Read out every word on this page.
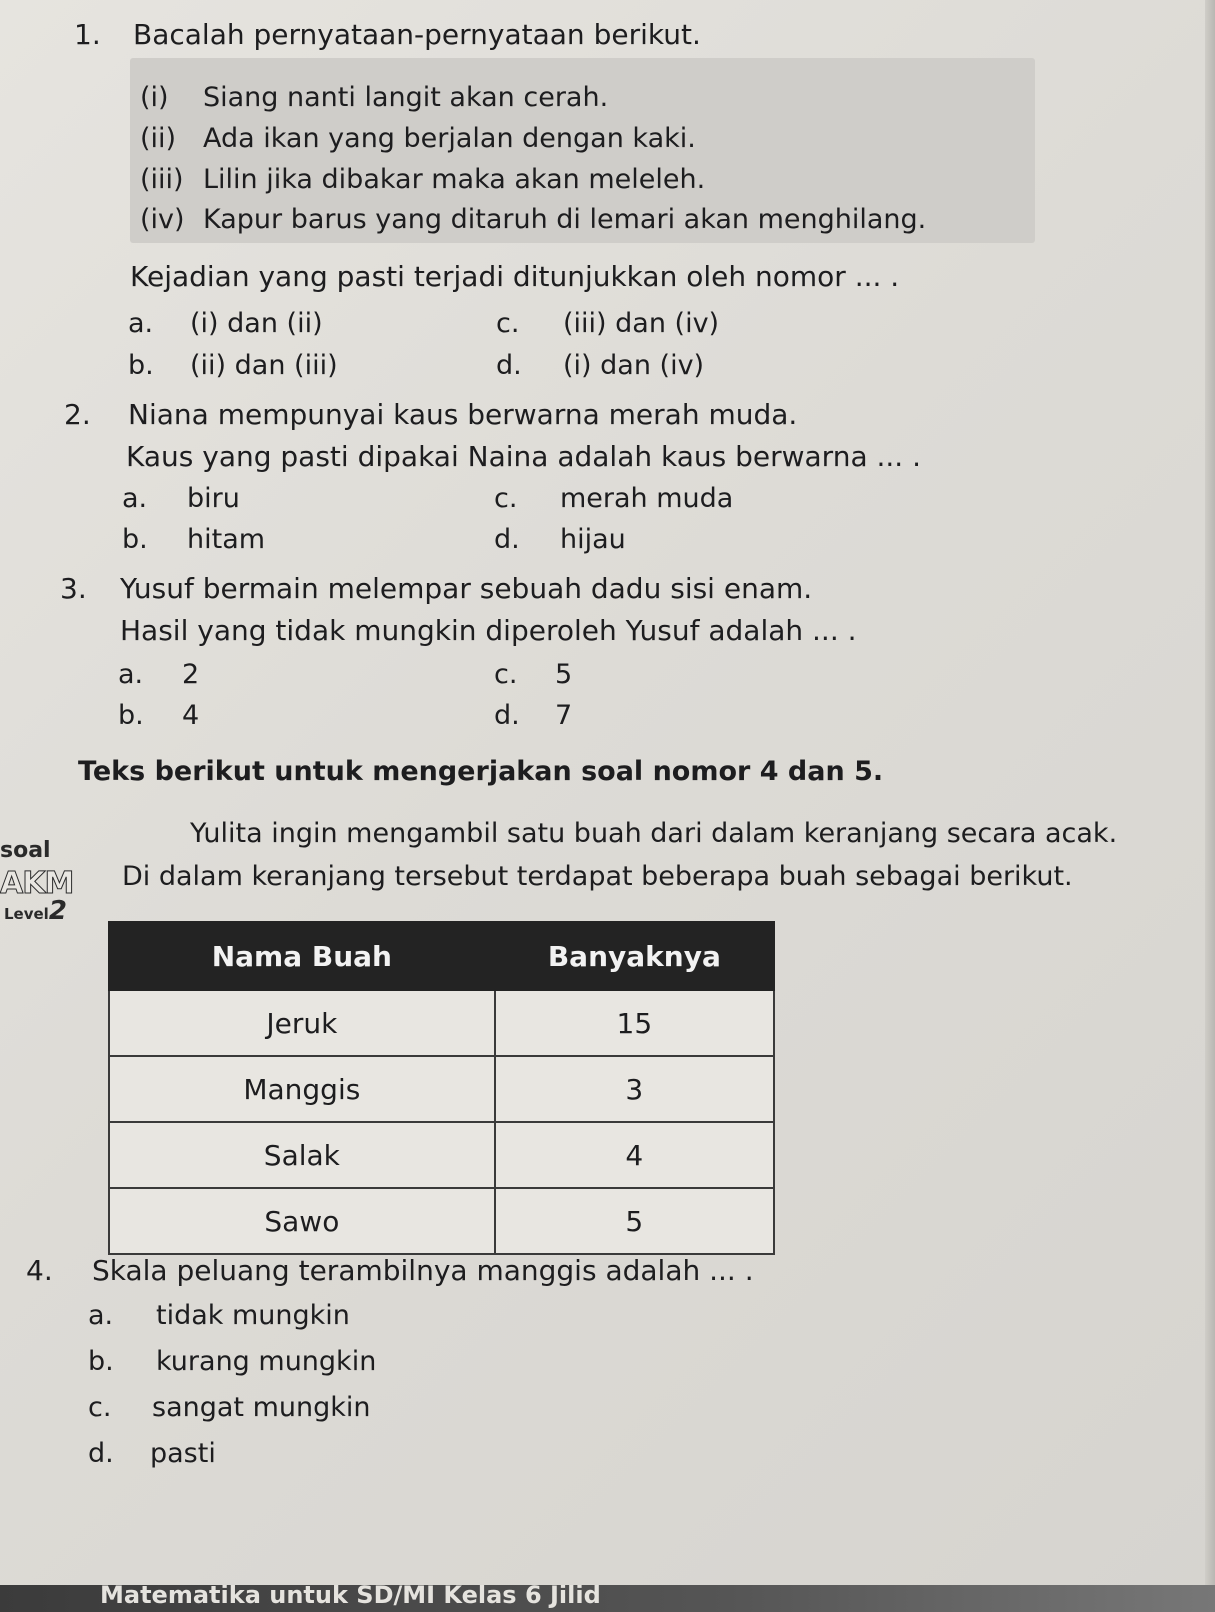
1. Bacalah pernyataan-pernyataan berikut.
(i) Siang nanti langit akan cerah.
(ii) Ada ikan yang berjalan dengan kaki.
(iii) Lilin jika dibakar maka akan meleleh.
(iv) Kapur barus yang ditaruh di lemari akan menghilang.
Kejadian yang pasti terjadi ditunjukkan oleh nomor ... .
a. (i) dan (ii)
b. (ii) dan (iii)
c. (iii) dan (iv)
d. (i) dan (iv)
2. Niana mempunyai kaus berwarna merah muda.
Kaus yang pasti dipakai Naina adalah kaus berwarna ... .
a. biru
b. hitam
c. merah muda
d. hijau
3. Yusuf bermain melempar sebuah dadu sisi enam.
Hasil yang tidak mungkin diperoleh Yusuf adalah ... .
a. 2
b. 4
c. 5
d. 7
Teks berikut untuk mengerjakan soal nomor 4 dan 5.
soal
AKM
Level2
Yulita ingin mengambil satu buah dari dalam keranjang secara acak.
Di dalam keranjang tersebut terdapat beberapa buah sebagai berikut.
Nama Buah	Banyaknya
Jeruk	15
Manggis	3
Salak	4
Sawo	5
4. Skala peluang terambilnya manggis adalah ... .
a. tidak mungkin
b. kurang mungkin
c. sangat mungkin
d. pasti
Matematika untuk SD/MI Kelas 6 Jilid
